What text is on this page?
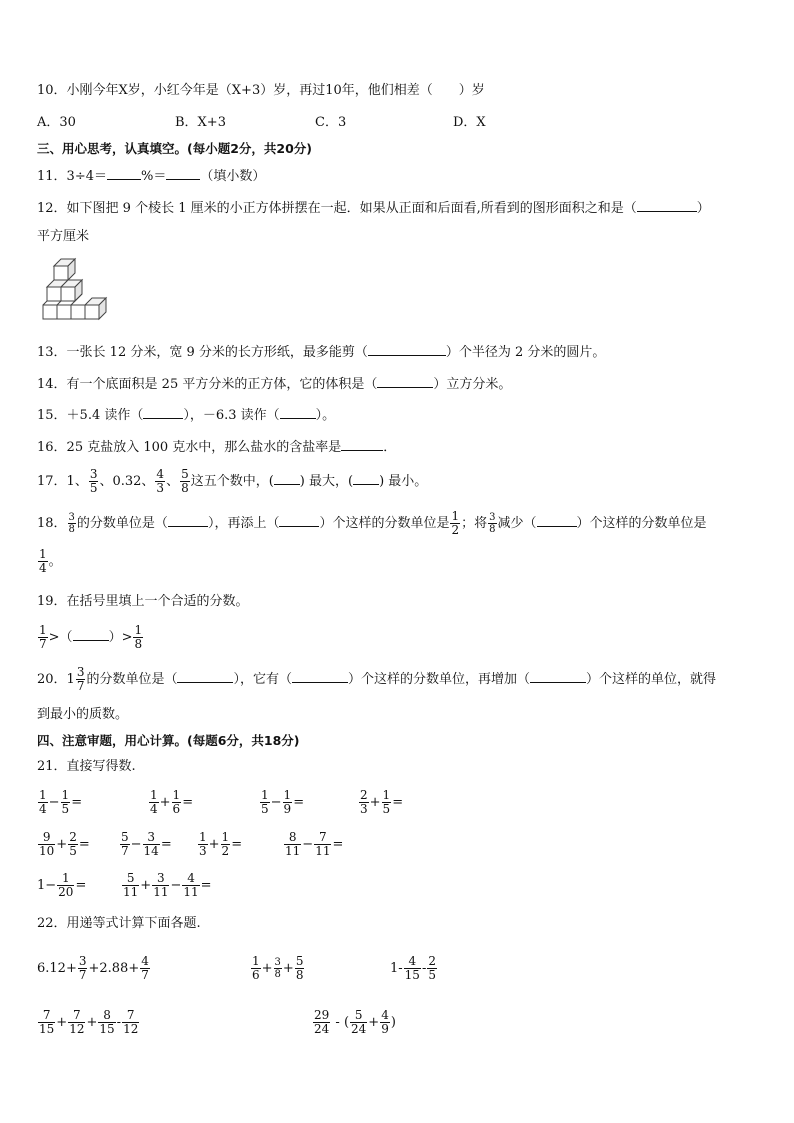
10．小刚今年X岁，小红今年是（X+3）岁，再过10年，他们相差（　　）岁
A．30	B．X+3	C．3	D．X
三、用心思考，认真填空。(每小题2分，共20分)
11．3÷4＝	%＝	（填小数）
12．如下图把 9 个棱长 1 厘米的小正方体拼摆在一起．如果从正面和后面看,所看到的图形面积之和是（	）
平方厘米
13．一张长 12 分米，宽 9 分米的长方形纸，最多能剪（	）个半径为 2 分米的圆片。
14．有一个底面积是 25 平方分米的正方体，它的体积是（	）立方分米。
15．＋5.4 读作（	），－6.3 读作（	）。
16．25 克盐放入 100 克水中，那么盐水的含盐率是	．
17．1、 $\frac{3}{5}$ 、0.32、 $\frac{4}{3}$ 、 $\frac{5}{8}$ 这五个数中，( ) 最大，( ) 最小。
18． $\frac{3}{8}$ 的分数单位是（	），再添上（	）个这样的分数单位是 $\frac{1}{2}$ ；将 $\frac{3}{8}$ 减少（	）个这样的分数单位是
$\frac{1}{4}$ 。
19．在括号里填上一个合适的分数。
$\frac{1}{7}$ >（	）> $\frac{1}{8}$
20．$1 \frac{3}{7}$ 的分数单位是（	），它有（	）个这样的分数单位，再增加（	）个这样的单位，就得
到最小的质数。
四、注意审题，用心计算。(每题6分，共18分)
21．直接写得数.
$\frac{1}{4} - \frac{1}{5}$ =	$\frac{1}{4} + \frac{1}{6}$ =	$\frac{1}{5} - \frac{1}{9}$ =	$\frac{2}{3} + \frac{1}{5}$ =
$\frac{9}{10} + \frac{2}{5}$ =	$\frac{5}{7} - \frac{3}{14} = \frac{1}{3} + \frac{1}{2}$ =	$\frac{8}{11} - \frac{7}{11}$ =
$1- \frac{1}{20}$ =	$\frac{5}{11} + \frac{3}{11} - \frac{4}{11}$ =
22．用递等式计算下面各题.
$6.12+ \frac{3}{7} +2.88+ \frac{4}{7}$	$\frac{1}{6} + \frac{3}{8} + \frac{5}{8}$	$1- \frac{4}{15} - \frac{2}{5}$
$\frac{7}{15} + \frac{7}{12} + \frac{8}{15} - \frac{7}{12}$	$\frac{29}{24}$ - ( $\frac{5}{24} + \frac{4}{9}$ )
